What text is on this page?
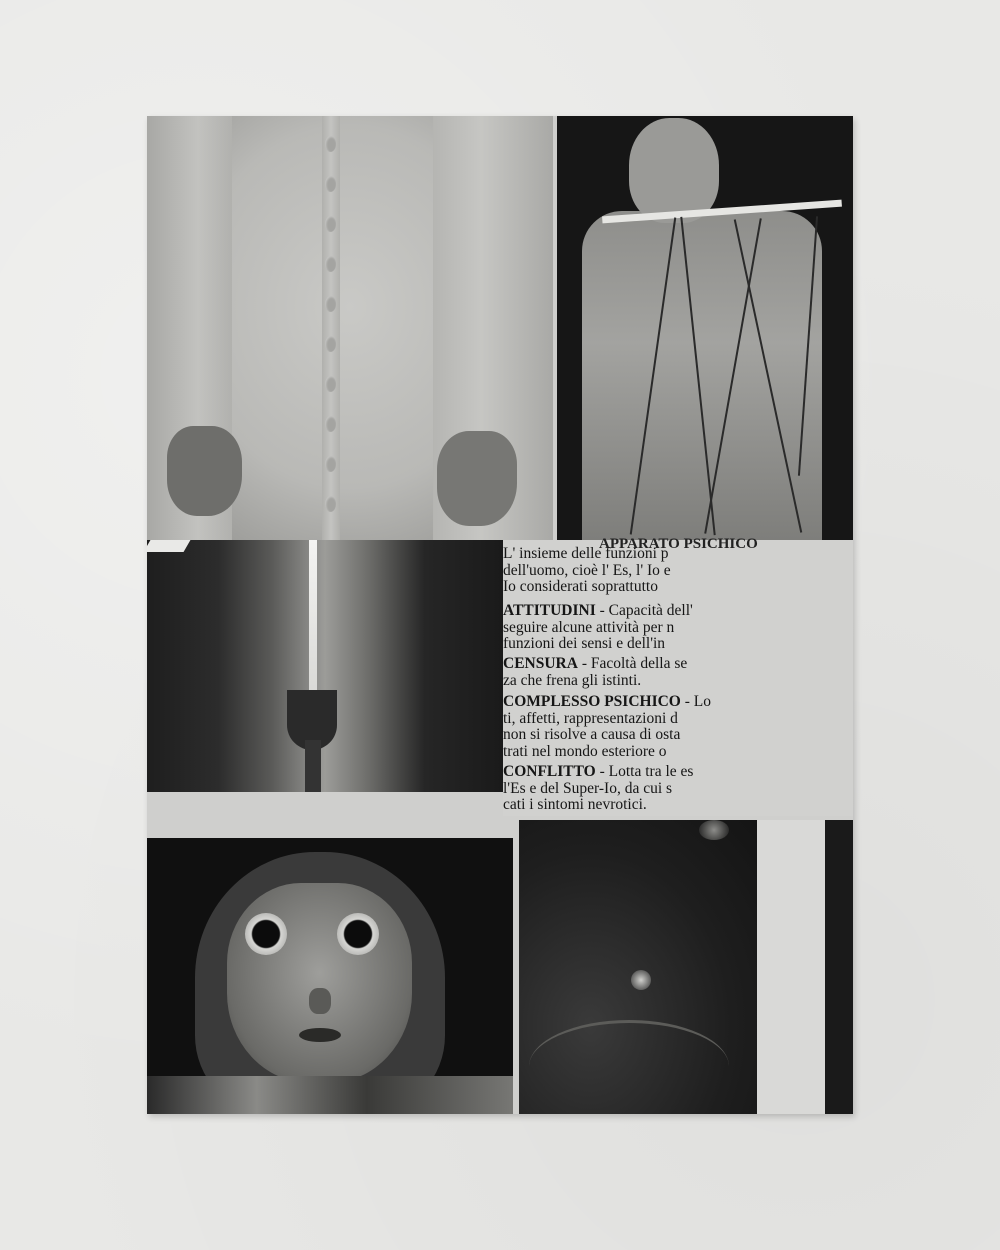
APPARATO PSICHICO
L' insieme delle funzioni p
dell'uomo, cioè l' Es, l' Io e
Io considerati soprattutto
ATTITUDINI - Capacità dell'
seguire alcune attività per n
funzioni dei sensi e dell'in
CENSURA - Facoltà della se
za che frena gli istinti.
COMPLESSO PSICHICO - Lo
ti, affetti, rappresentazioni d
non si risolve a causa di osta
trati nel mondo esteriore o
CONFLITTO - Lotta tra le es
l'Es e del Super-Io, da cui s
cati i sintomi nevrotici.
